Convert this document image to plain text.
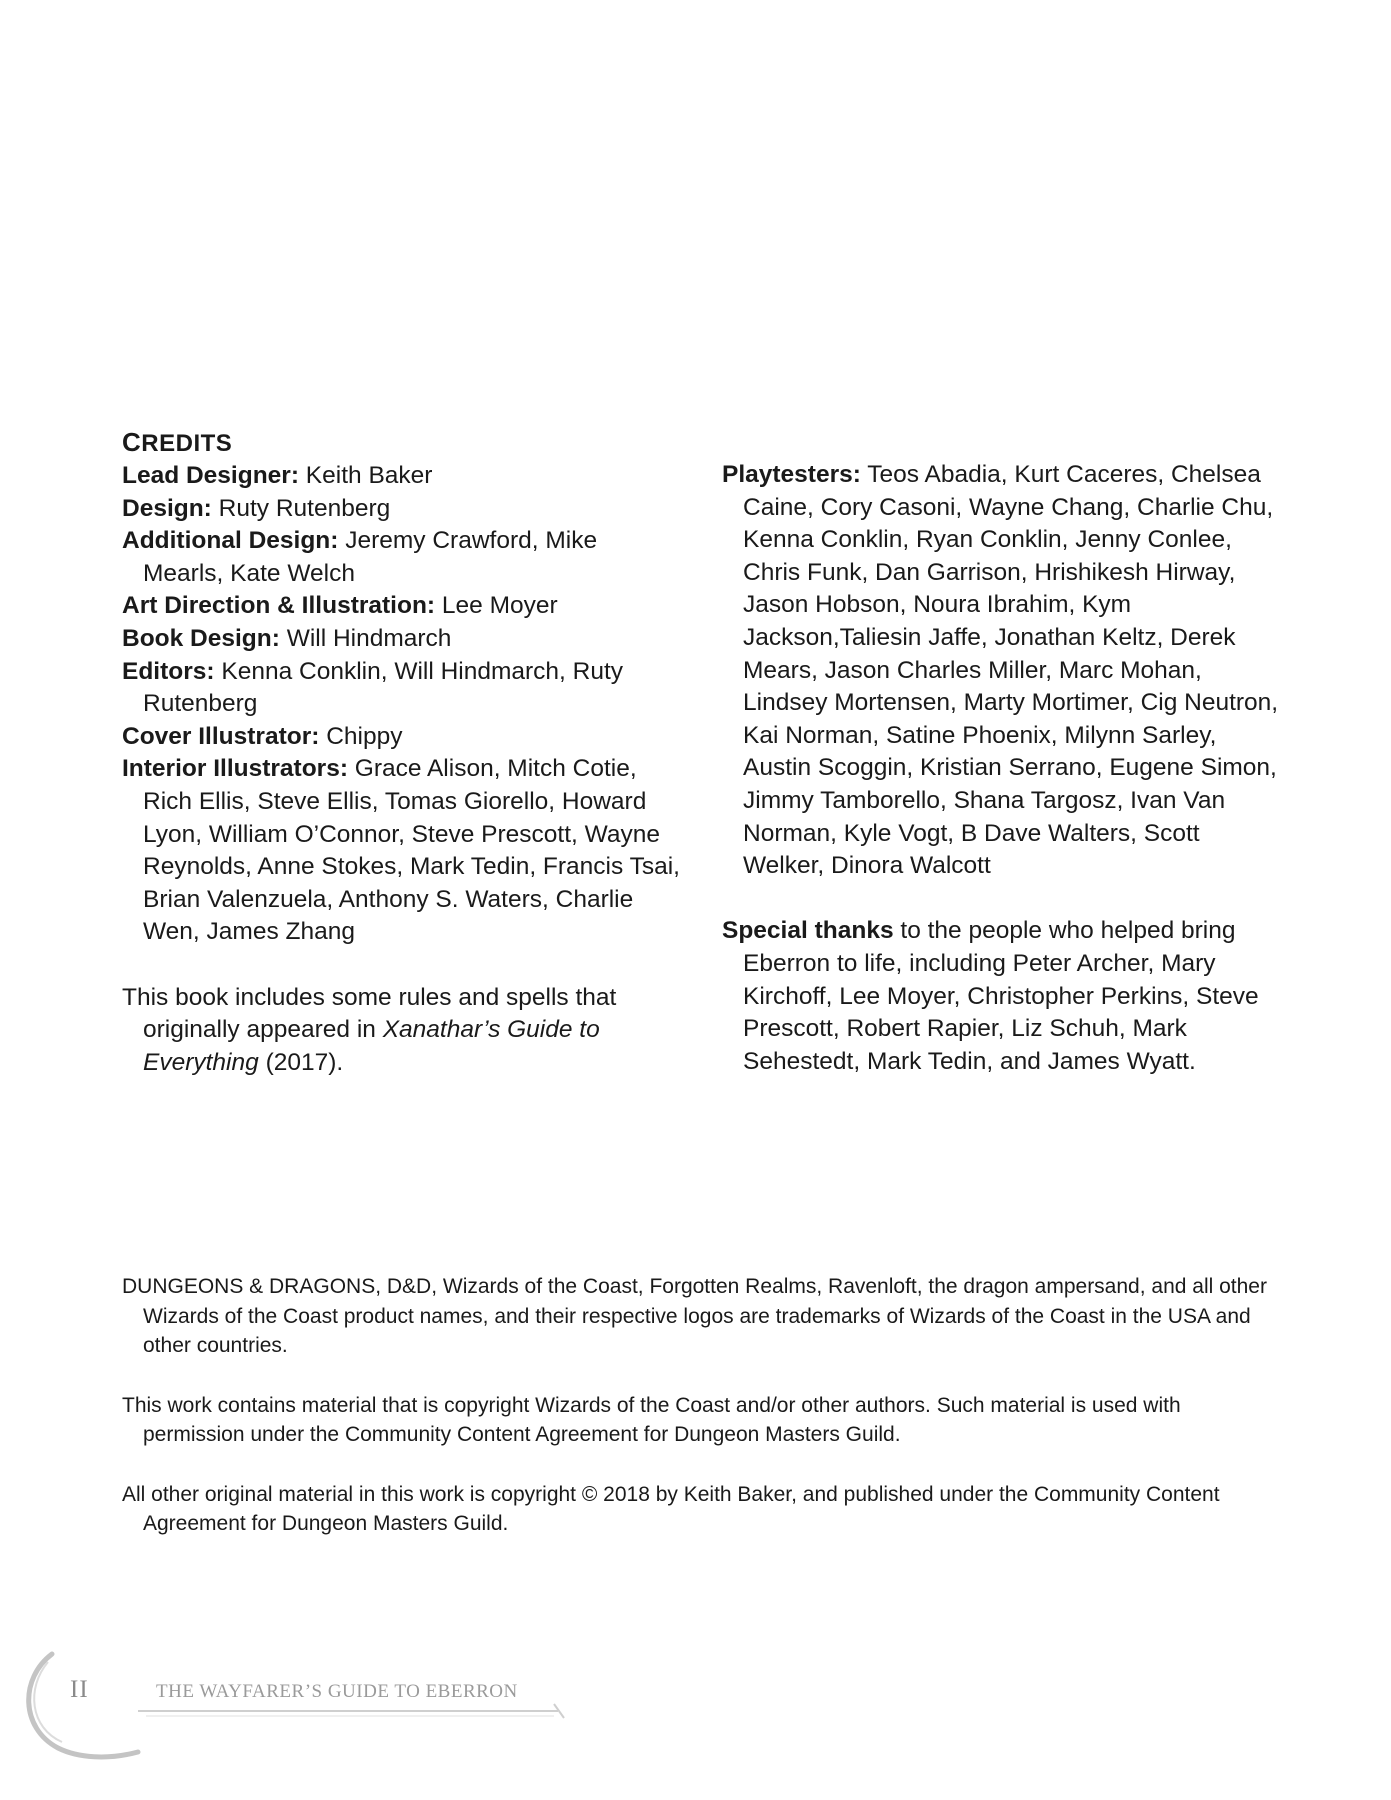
CREDITS

Lead Designer: Keith Baker

Design: Ruty Rutenberg

Additional Design: Jeremy Crawford, Mike Mearls, Kate Welch

Art Direction & Illustration: Lee Moyer

Book Design: Will Hindmarch

Editors: Kenna Conklin, Will Hindmarch, Ruty Rutenberg

Cover Illustrator: Chippy

Interior Illustrators: Grace Alison, Mitch Cotie, Rich Ellis, Steve Ellis, Tomas Giorello, Howard Lyon, William O’Connor, Steve Prescott, Wayne Reynolds, Anne Stokes, Mark Tedin, Francis Tsai, Brian Valenzuela, Anthony S. Waters, Charlie Wen, James Zhang

This book includes some rules and spells that originally appeared in Xanathar’s Guide to Everything (2017).

Playtesters: Teos Abadia, Kurt Caceres, Chelsea Caine, Cory Casoni, Wayne Chang, Charlie Chu, Kenna Conklin, Ryan Conklin, Jenny Conlee, Chris Funk, Dan Garrison, Hrishikesh Hirway, Jason Hobson, Noura Ibrahim, Kym Jackson,Taliesin Jaffe, Jonathan Keltz, Derek Mears, Jason Charles Miller, Marc Mohan, Lindsey Mortensen, Marty Mortimer, Cig Neutron, Kai Norman, Satine Phoenix, Milynn Sarley, Austin Scoggin, Kristian Serrano, Eugene Simon, Jimmy Tamborello, Shana Targosz, Ivan Van Norman, Kyle Vogt, B Dave Walters, Scott Welker, Dinora Walcott

Special thanks to the people who helped bring Eberron to life, including Peter Archer, Mary Kirchoff, Lee Moyer, Christopher Perkins, Steve Prescott, Robert Rapier, Liz Schuh, Mark Sehestedt, Mark Tedin, and James Wyatt.

DUNGEONS & DRAGONS, D&D, Wizards of the Coast, Forgotten Realms, Ravenloft, the dragon ampersand, and all other Wizards of the Coast product names, and their respective logos are trademarks of Wizards of the Coast in the USA and other countries.

This work contains material that is copyright Wizards of the Coast and/or other authors. Such material is used with permission under the Community Content Agreement for Dungeon Masters Guild.

All other original material in this work is copyright © 2018 by Keith Baker, and published under the Community Content Agreement for Dungeon Masters Guild.

II	THE WAYFARER’S GUIDE TO EBERRON
